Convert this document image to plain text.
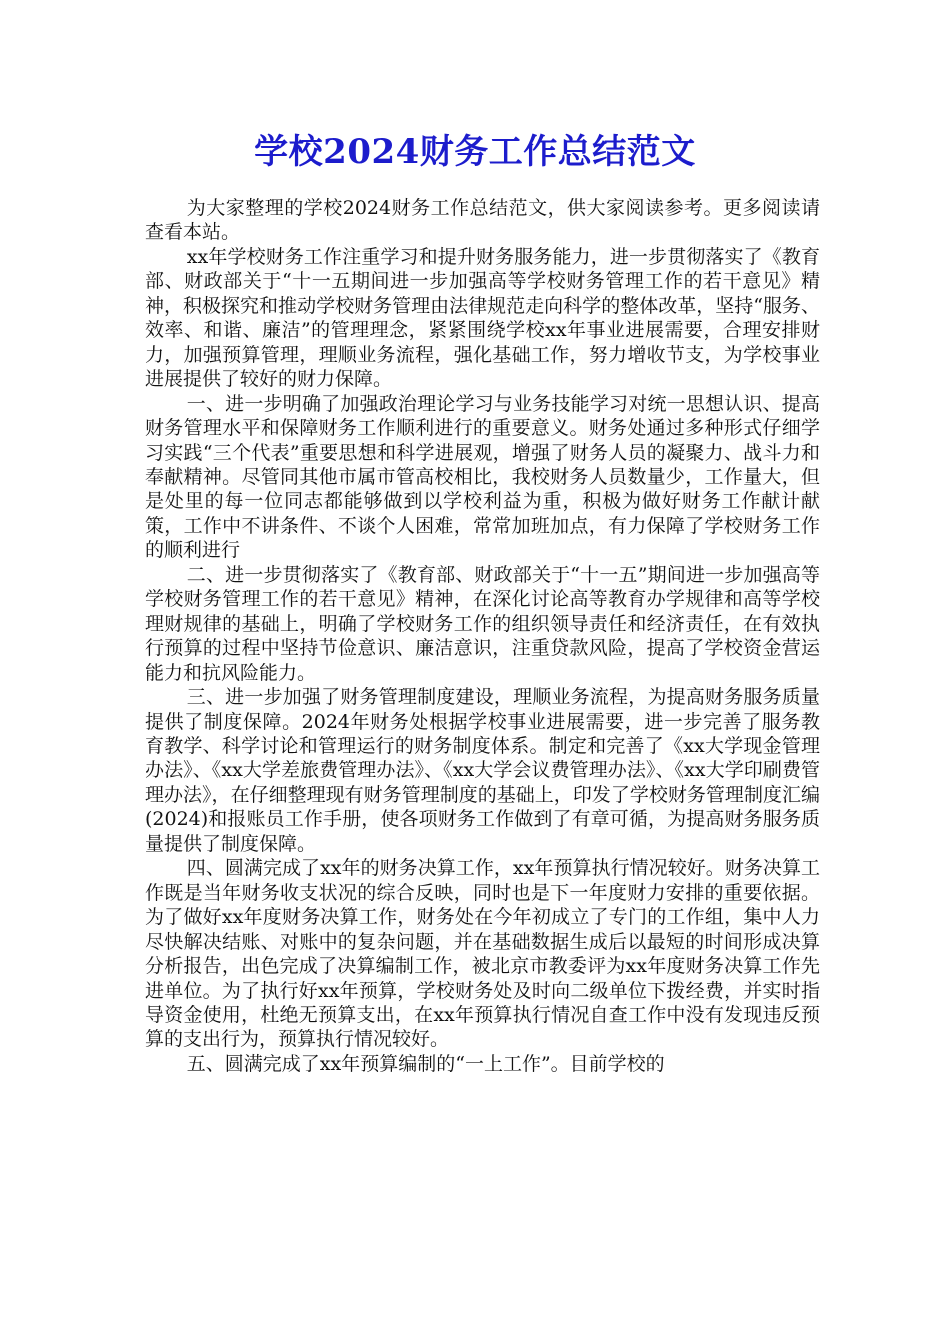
学校2024财务工作总结范文

为大家整理的学校2024财务工作总结范文，供大家阅读参考。更多阅读请查看本站。

xx年学校财务工作注重学习和提升财务服务能力，进一步贯彻落实了《教育部、财政部关于“十一五期间进一步加强高等学校财务管理工作的若干意见》精神，积极探究和推动学校财务管理由法律规范走向科学的整体改革，坚持“服务、效率、和谐、廉洁”的管理理念，紧紧围绕学校xx年事业进展需要，合理安排财力，加强预算管理，理顺业务流程，强化基础工作，努力增收节支，为学校事业进展提供了较好的财力保障。

一、进一步明确了加强政治理论学习与业务技能学习对统一思想认识、提高财务管理水平和保障财务工作顺利进行的重要意义。财务处通过多种形式仔细学习实践“三个代表”重要思想和科学进展观，增强了财务人员的凝聚力、战斗力和奉献精神。尽管同其他市属市管高校相比，我校财务人员数量少，工作量大，但是处里的每一位同志都能够做到以学校利益为重，积极为做好财务工作献计献策，工作中不讲条件、不谈个人困难，常常加班加点，有力保障了学校财务工作的顺利进行

二、进一步贯彻落实了《教育部、财政部关于“十一五”期间进一步加强高等学校财务管理工作的若干意见》精神，在深化讨论高等教育办学规律和高等学校理财规律的基础上，明确了学校财务工作的组织领导责任和经济责任，在有效执行预算的过程中坚持节俭意识、廉洁意识，注重贷款风险，提高了学校资金营运能力和抗风险能力。

三、进一步加强了财务管理制度建设，理顺业务流程，为提高财务服务质量提供了制度保障。2024年财务处根据学校事业进展需要，进一步完善了服务教育教学、科学讨论和管理运行的财务制度体系。制定和完善了《xx大学现金管理办法》、《xx大学差旅费管理办法》、《xx大学会议费管理办法》、《xx大学印刷费管理办法》，在仔细整理现有财务管理制度的基础上，印发了学校财务管理制度汇编(2024)和报账员工作手册，使各项财务工作做到了有章可循，为提高财务服务质量提供了制度保障。

四、圆满完成了xx年的财务决算工作，xx年预算执行情况较好。财务决算工作既是当年财务收支状况的综合反映，同时也是下一年度财力安排的重要依据。为了做好xx年度财务决算工作，财务处在今年初成立了专门的工作组，集中人力尽快解决结账、对账中的复杂问题，并在基础数据生成后以最短的时间形成决算分析报告，出色完成了决算编制工作，被北京市教委评为xx年度财务决算工作先进单位。为了执行好xx年预算，学校财务处及时向二级单位下拨经费，并实时指导资金使用，杜绝无预算支出，在xx年预算执行情况自查工作中没有发现违反预算的支出行为，预算执行情况较好。

五、圆满完成了xx年预算编制的“一上工作”。目前学校的
